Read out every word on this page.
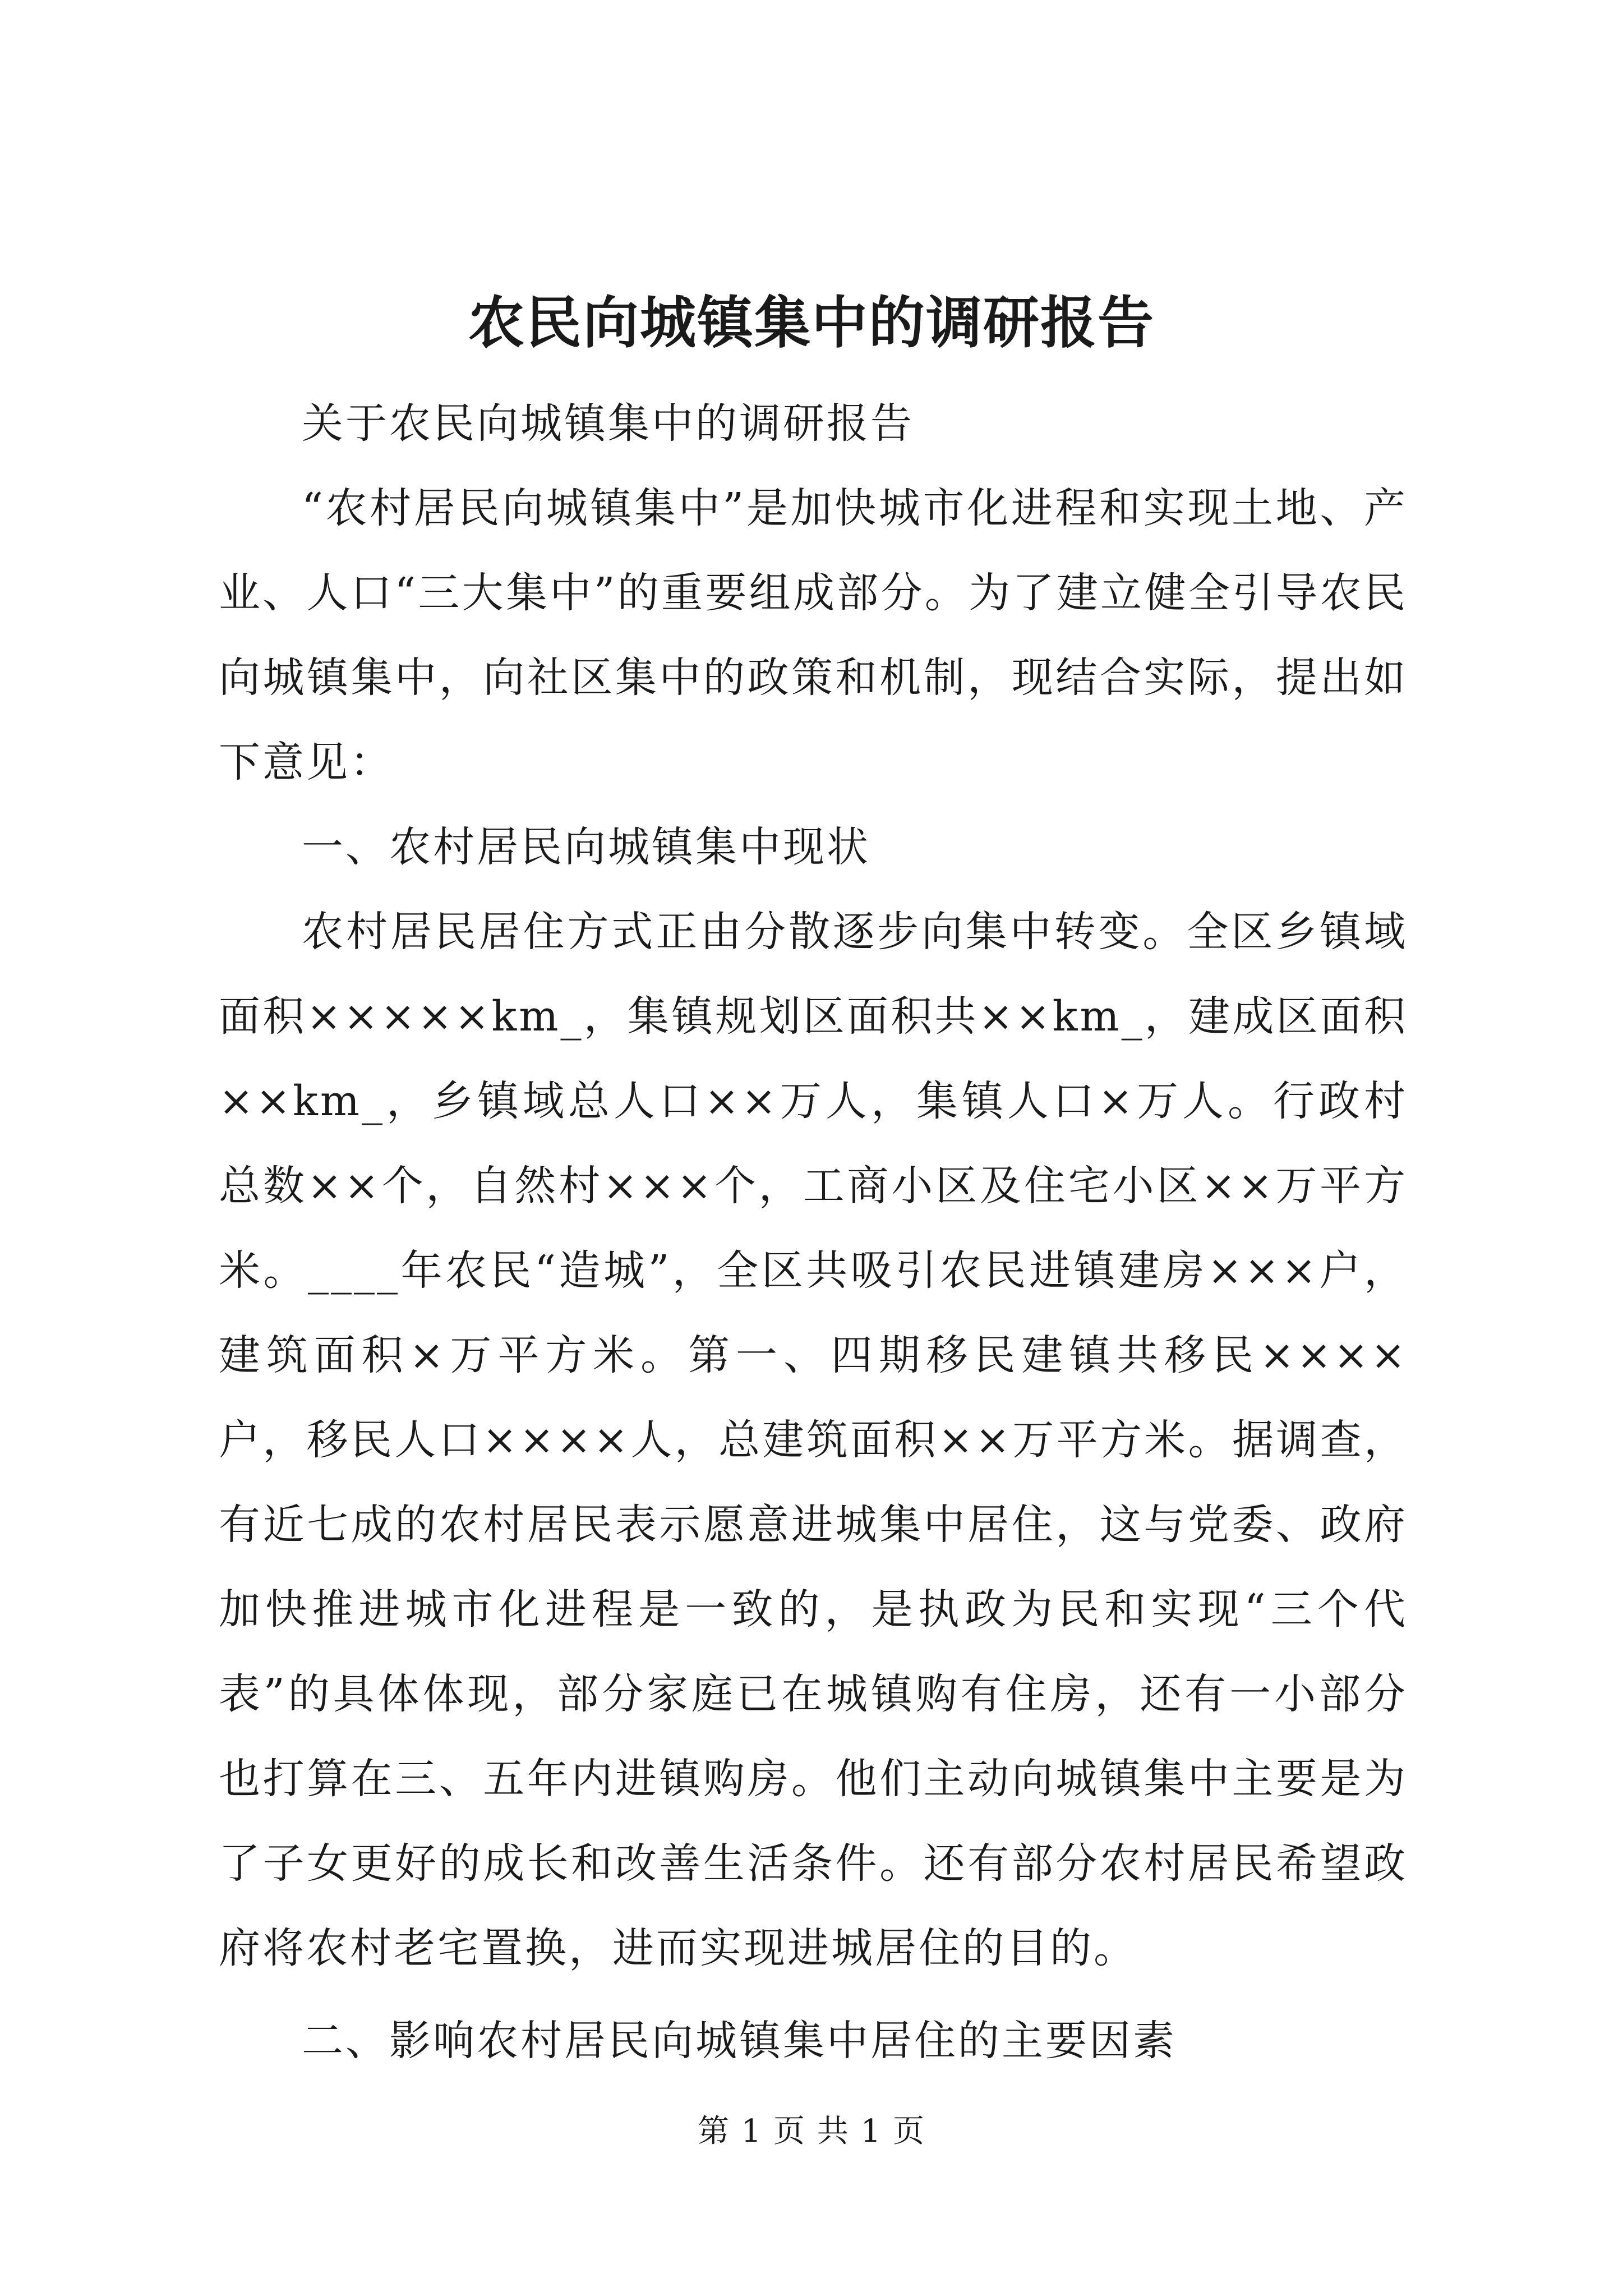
农民向城镇集中的调研报告

关于农民向城镇集中的调研报告

“农村居民向城镇集中”是加快城市化进程和实现土地、产业、人口“三大集中”的重要组成部分。为了建立健全引导农民向城镇集中，向社区集中的政策和机制，现结合实际，提出如下意见：

一、农村居民向城镇集中现状

农村居民居住方式正由分散逐步向集中转变。全区乡镇域面积×××××km_，集镇规划区面积共××km_，建成区面积××km_，乡镇域总人口××万人，集镇人口×万人。行政村总数××个，自然村×××个，工商小区及住宅小区××万平方米。____年农民“造城”，全区共吸引农民进镇建房×××户，建筑面积×万平方米。第一、四期移民建镇共移民××××户，移民人口××××人，总建筑面积××万平方米。据调查，有近七成的农村居民表示愿意进城集中居住，这与党委、政府加快推进城市化进程是一致的，是执政为民和实现“三个代表”的具体体现，部分家庭已在城镇购有住房，还有一小部分也打算在三、五年内进镇购房。他们主动向城镇集中主要是为了子女更好的成长和改善生活条件。还有部分农村居民希望政府将农村老宅置换，进而实现进城居住的目的。

二、影响农村居民向城镇集中居住的主要因素

第 1 页 共 1 页
